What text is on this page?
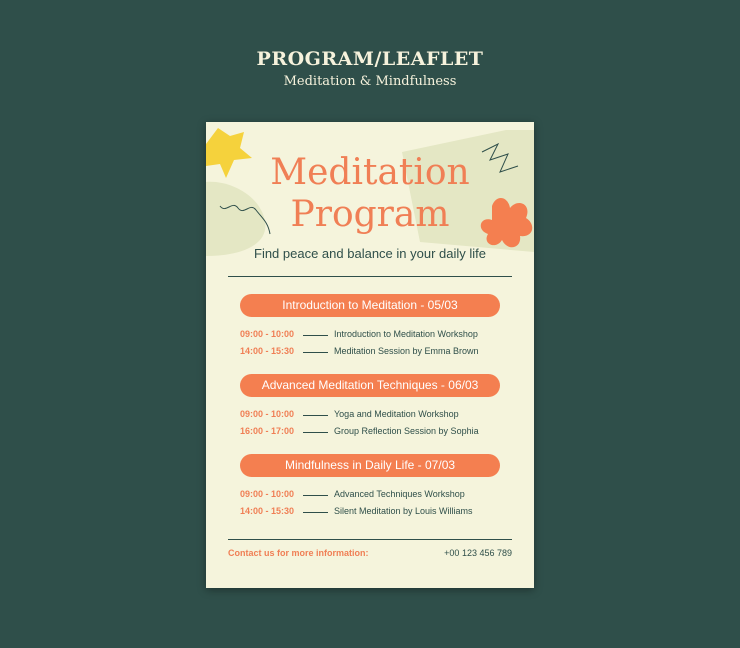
PROGRAM/LEAFLET
Meditation & Mindfulness
Meditation
Program
Find peace and balance in your daily life
Introduction to Meditation - 05/03
09:00 - 10:00	Introduction to Meditation Workshop
14:00 - 15:30	Meditation Session by Emma Brown
Advanced Meditation Techniques - 06/03
09:00 - 10:00	Yoga and Meditation Workshop
16:00 - 17:00	Group Reflection Session by Sophia
Mindfulness in Daily Life - 07/03
09:00 - 10:00	Advanced Techniques Workshop
14:00 - 15:30	Silent Meditation by Louis Williams
Contact us for more information:	+00 123 456 789
